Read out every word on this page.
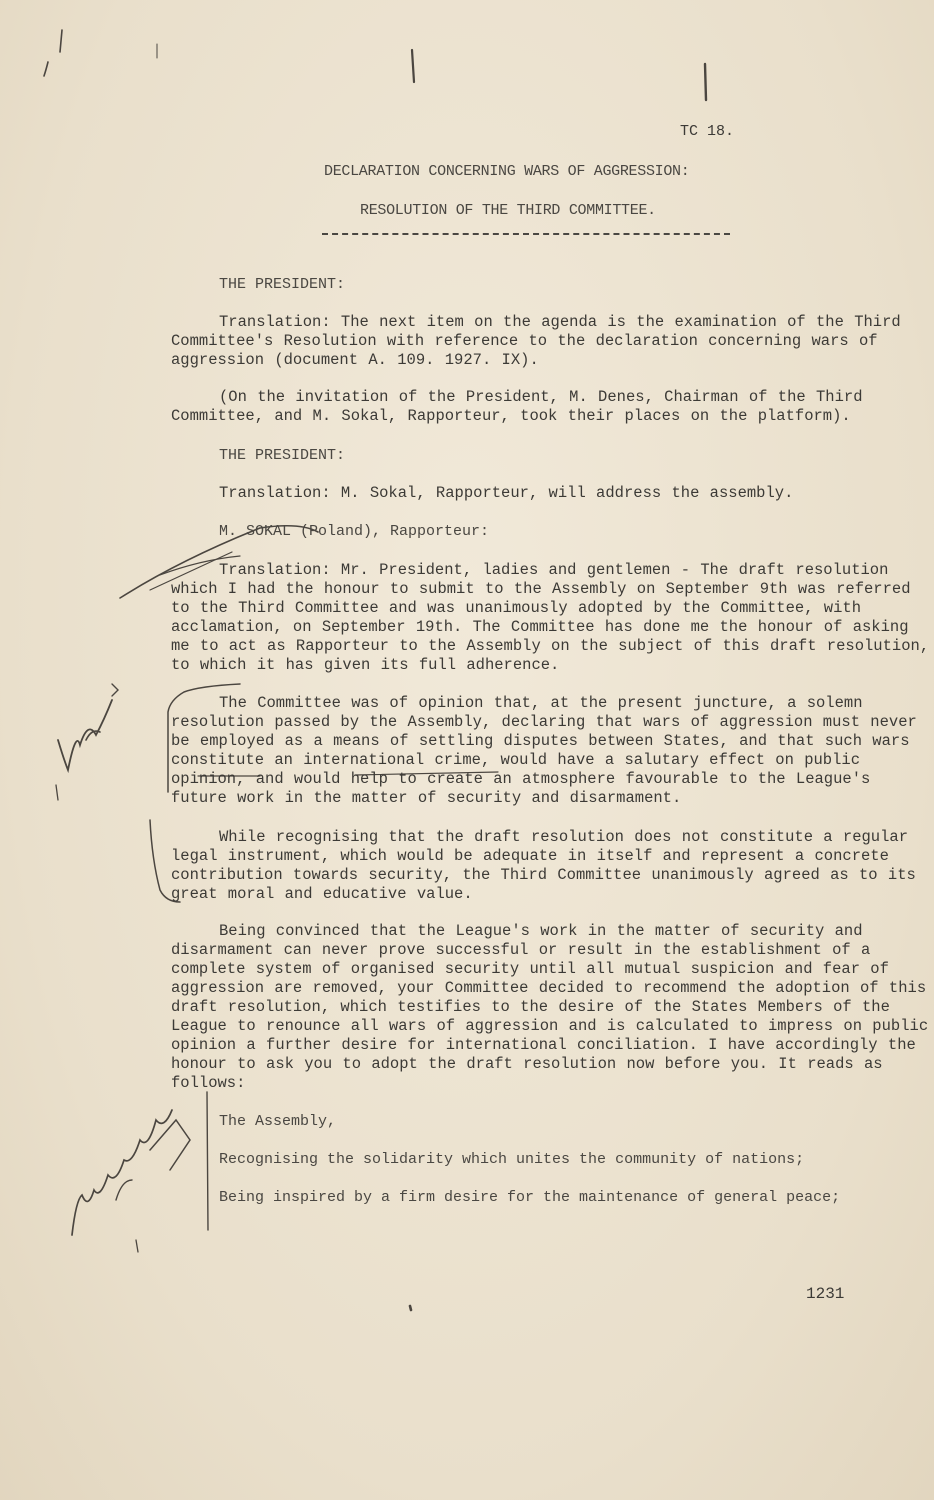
TC 18.
DECLARATION CONCERNING WARS OF AGGRESSION:
RESOLUTION OF THE THIRD COMMITTEE.
THE PRESIDENT:
Translation: The next item on the agenda is the examination of the Third Committee's Resolution with reference to the declaration concerning wars of aggression (document A. 109. 1927. IX).
(On the invitation of the President, M. Denes, Chairman of the Third Committee, and M. Sokal, Rapporteur, took their places on the platform).
THE PRESIDENT:
Translation: M. Sokal, Rapporteur, will address the assembly.
M. SOKAL (Poland), Rapporteur:
Translation: Mr. President, ladies and gentlemen - The draft resolution which I had the honour to submit to the Assembly on September 9th was referred to the Third Committee and was unanimously adopted by the Committee, with acclamation, on September 19th. The Committee has done me the honour of asking me to act as Rapporteur to the Assembly on the subject of this draft resolution, to which it has given its full adherence.
The Committee was of opinion that, at the present juncture, a solemn resolution passed by the Assembly, declaring that wars of aggression must never be employed as a means of settling disputes between States, and that such wars constitute an international crime, would have a salutary effect on public opinion, and would help to create an atmosphere favourable to the League's future work in the matter of security and disarmament.
While recognising that the draft resolution does not constitute a regular legal instrument, which would be adequate in itself and represent a concrete contribution towards security, the Third Committee unanimously agreed as to its great moral and educative value.
Being convinced that the League's work in the matter of security and disarmament can never prove successful or result in the establishment of a complete system of organised security until all mutual suspicion and fear of aggression are removed, your Committee decided to recommend the adoption of this draft resolution, which testifies to the desire of the States Members of the League to renounce all wars of aggression and is calculated to impress on public opinion a further desire for international conciliation. I have accordingly the honour to ask you to adopt the draft resolution now before you. It reads as follows:
The Assembly,
Recognising the solidarity which unites the community of nations;
Being inspired by a firm desire for the maintenance of general peace;
1231
